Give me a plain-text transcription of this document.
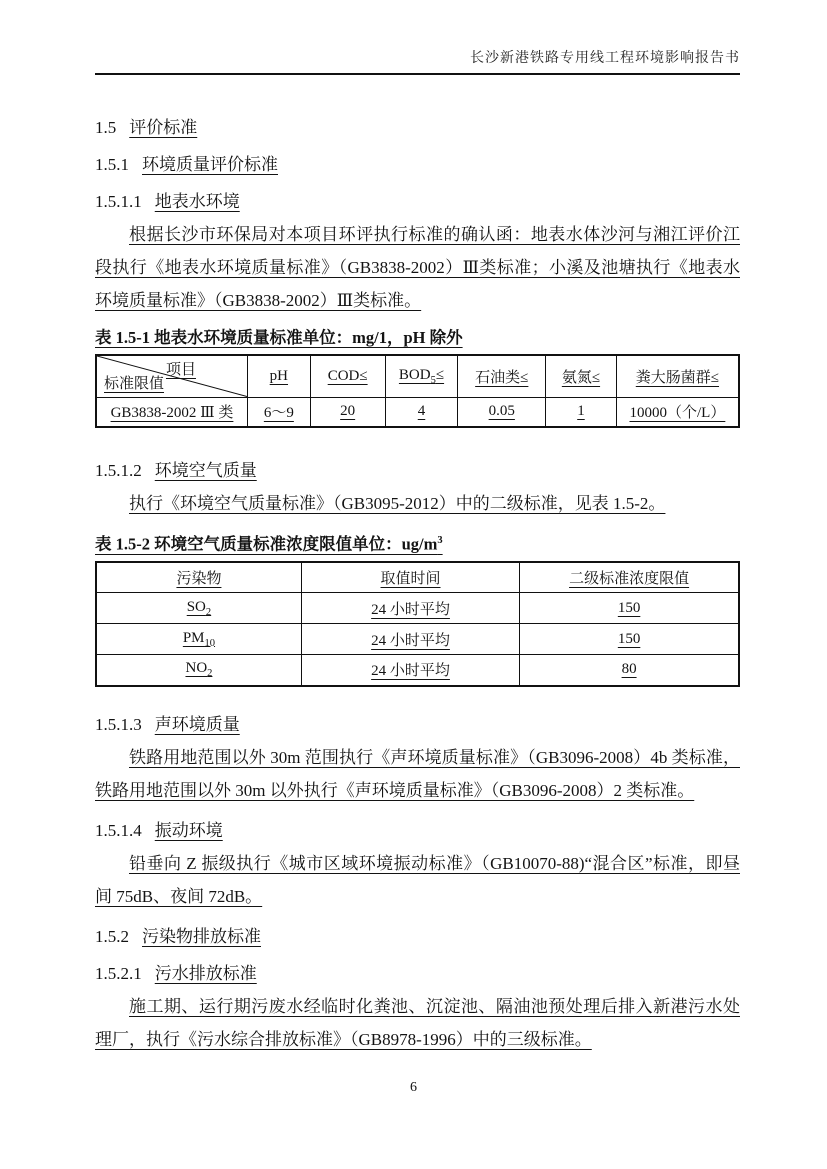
长沙新港铁路专用线工程环境影响报告书
1.5 评价标准
1.5.1 环境质量评价标准
1.5.1.1 地表水环境
根据长沙市环保局对本项目环评执行标准的确认函：地表水体沙河与湘江评价江段执行《地表水环境质量标准》（GB3838-2002）Ⅲ类标准；小溪及池塘执行《地表水环境质量标准》（GB3838-2002）Ⅲ类标准。
表 1.5-1 地表水环境质量标准单位：mg/1，pH 除外
项目
标准限值	pH	COD≤	$BOD_5\le$	石油类≤	氨氮≤	粪大肠菌群≤
GB3838-2002 Ⅲ 类	6～9	20	4	0.05	1	10000（个/L）
1.5.1.2 环境空气质量
执行《环境空气质量标准》（GB3095-2012）中的二级标准，见表 1.5-2。
表 1.5-2 环境空气质量标准浓度限值单位：$ug/m^3$
污染物	取值时间	二级标准浓度限值
$SO_2$	24 小时平均	150
$PM_{10}$	24 小时平均	150
$NO_2$	24 小时平均	80
1.5.1.3 声环境质量
铁路用地范围以外 30m 范围执行《声环境质量标准》（GB3096-2008）4b 类标准，铁路用地范围以外 30m 以外执行《声环境质量标准》（GB3096-2008）2 类标准。
1.5.1.4 振动环境
铅垂向 Z 振级执行《城市区域环境振动标准》（GB10070-88)“混合区”标准，即昼间 75dB、夜间 72dB。
1.5.2 污染物排放标准
1.5.2.1 污水排放标准
施工期、运行期污废水经临时化粪池、沉淀池、隔油池预处理后排入新港污水处理厂，执行《污水综合排放标准》（GB8978-1996）中的三级标准。
6
